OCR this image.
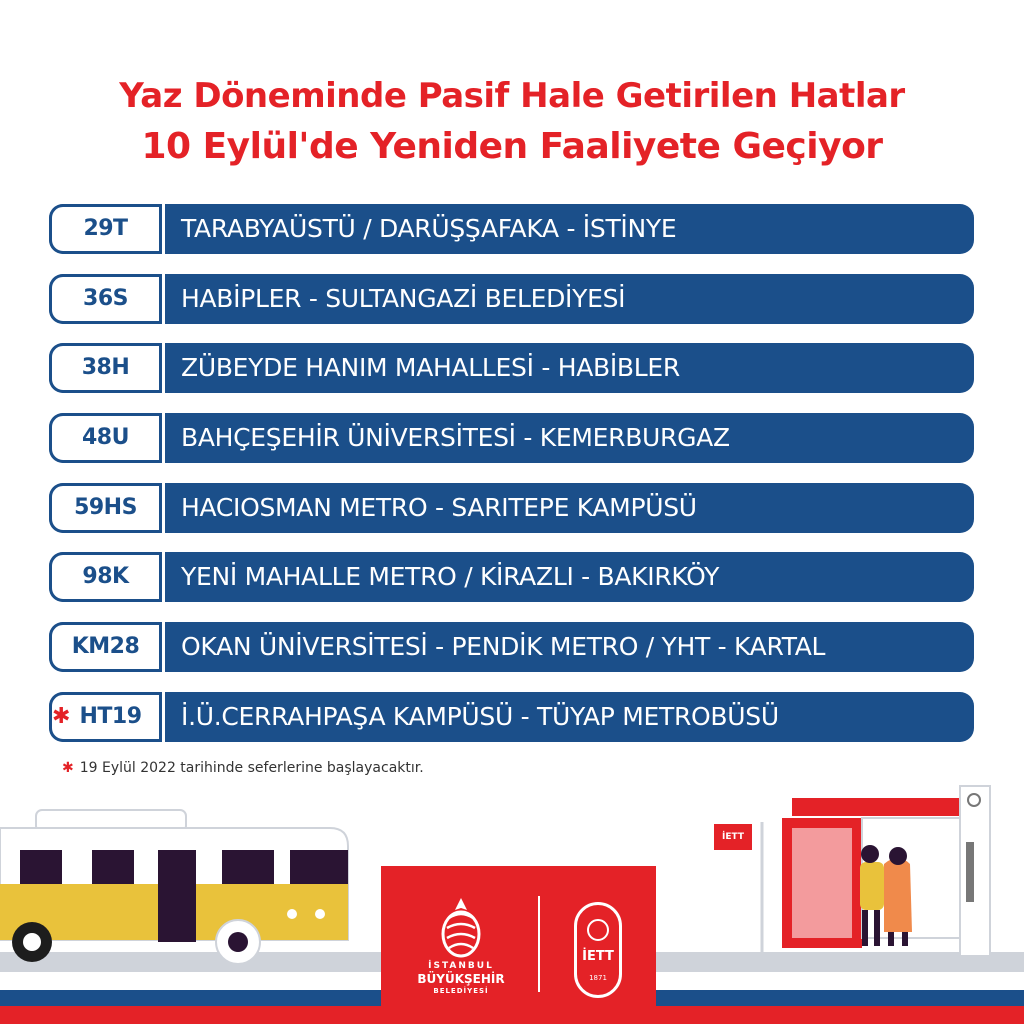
Yaz Döneminde Pasif Hale Getirilen Hatlar
10 Eylül'de Yeniden Faaliyete Geçiyor
29T	TARABYAÜSTÜ / DARÜŞŞAFAKA - İSTİNYE
36S	HABİPLER - SULTANGAZİ BELEDİYESİ
38H	ZÜBEYDE HANIM MAHALLESİ - HABİBLER
48U	BAHÇEŞEHİR ÜNİVERSİTESİ - KEMERBURGAZ
59HS	HACIOSMAN METRO - SARITEPE KAMPÜSÜ
98K	YENİ MAHALLE METRO / KİRAZLI - BAKIRKÖY
KM28	OKAN ÜNİVERSİTESİ - PENDİK METRO / YHT - KARTAL
✱ HT19	İ.Ü.CERRAHPAŞA KAMPÜSÜ - TÜYAP METROBÜSÜ
✱ 19 Eylül 2022 tarihinde seferlerine başlayacaktır.
İETT
İSTANBUL
BÜYÜKŞEHİR
BELEDİYESİ
İETT
1871
